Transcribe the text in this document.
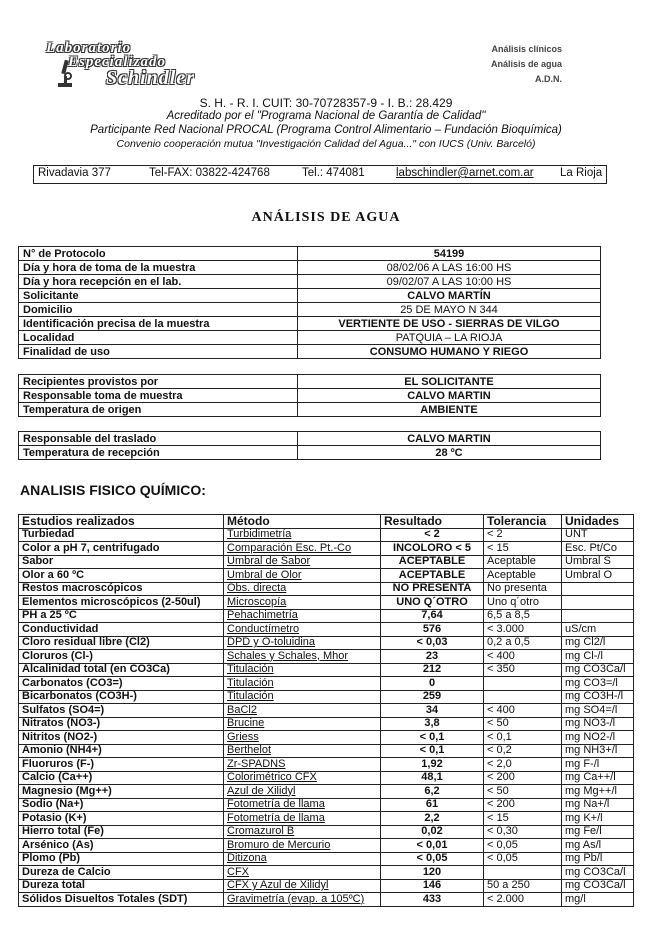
Laboratorio
Especializado
Schindler
Análisis clínicos
Análisis de agua
A.D.N.
S. H. - R. I. CUIT: 30-70728357-9 - I. B.: 28.429
Acreditado por el "Programa Nacional de Garantía de Calidad"
Participante Red Nacional PROCAL (Programa Control Alimentario – Fundación Bioquímica)
Convenio cooperación mutua "Investigación Calidad del Agua..." con IUCS (Univ. Barceló)
Rivadavia 377	Tel-FAX: 03822-424768	Tel.: 474081	labschindler@arnet.com.ar La Rioja
ANÁLISIS DE AGUA
N° de Protocolo	54199
Día y hora de toma de la muestra	08/02/06 A LAS 16:00 HS
Día y hora recepción en el lab.	09/02/07 A LAS 10:00 HS
Solicitante	CALVO MARTÍN
Domicilio	25 DE MAYO N 344
Identificación precisa de la muestra	VERTIENTE DE USO - SIERRAS DE VILGO
Localidad	PATQUIA – LA RIOJA
Finalidad de uso	CONSUMO HUMANO Y RIEGO
Recipientes provistos por	EL SOLICITANTE
Responsable toma de muestra	CALVO MARTIN
Temperatura de origen	AMBIENTE
Responsable del traslado	CALVO MARTIN
Temperatura de recepción	28 ºC
ANALISIS FISICO QUÍMICO:
Estudios realizados	Método	Resultado	Tolerancia	Unidades
Turbiedad	Turbidimetría	< 2	< 2	UNT
Color a pH 7, centrifugado	Comparación Esc. Pt.-Co	INCOLORO < 5	< 15	Esc. Pt/Co
Sabor	Umbral de Sabor	ACEPTABLE	Aceptable	Umbral S
Olor a 60 ºC	Umbral de Olor	ACEPTABLE	Aceptable	Umbral O
Restos macroscópicos	Obs. directa	NO PRESENTA	No presenta	
Elementos microscópicos (2-50ul)	Microscopía	UNO Q´OTRO	Uno q´otro	
PH a 25 ºC	Pehachimetría	7,64	6,5 a 8,5	
Conductividad	Conductímetro	576	< 3.000	uS/cm
Cloro residual libre (Cl2)	DPD y O-toluidina	< 0,03	0,2 a 0,5	mg Cl2/l
Cloruros (Cl-)	Schales y Schales, Mhor	23	< 400	mg Cl-/l
Alcalinidad total (en CO3Ca)	Titulación	212	< 350	mg CO3Ca/l
Carbonatos (CO3=)	Titulación	0		mg CO3=/l
Bicarbonatos (CO3H-)	Titulación	259		mg CO3H-/l
Sulfatos (SO4=)	BaCl2	34	< 400	mg SO4=/l
Nitratos (NO3-)	Brucine	3,8	< 50	mg NO3-/l
Nitritos (NO2-)	Griess	< 0,1	< 0,1	mg NO2-/l
Amonio (NH4+)	Berthelot	< 0,1	< 0,2	mg NH3+/l
Fluoruros (F-)	Zr-SPADNS	1,92	< 2,0	mg F-/l
Calcio (Ca++)	Colorimétrico CFX	48,1	< 200	mg Ca++/l
Magnesio (Mg++)	Azul de Xilidyl	6,2	< 50	mg Mg++/l
Sodio (Na+)	Fotometría de llama	61	< 200	mg Na+/l
Potasio (K+)	Fotometría de llama	2,2	< 15	mg K+/l
Hierro total (Fe)	Cromazurol B	0,02	< 0,30	mg Fe/l
Arsénico (As)	Bromuro de Mercurio	< 0,01	< 0,05	mg As/l
Plomo (Pb)	Ditizona	< 0,05	< 0,05	mg Pb/l
Dureza de Calcio	CFX	120		mg CO3Ca/l
Dureza total	CFX y Azul de Xilidyl	146	50 a 250	mg CO3Ca/l
Sólidos Disueltos Totales (SDT)	Gravimetría (evap. a 105ºC)	433	< 2.000	mg/l
